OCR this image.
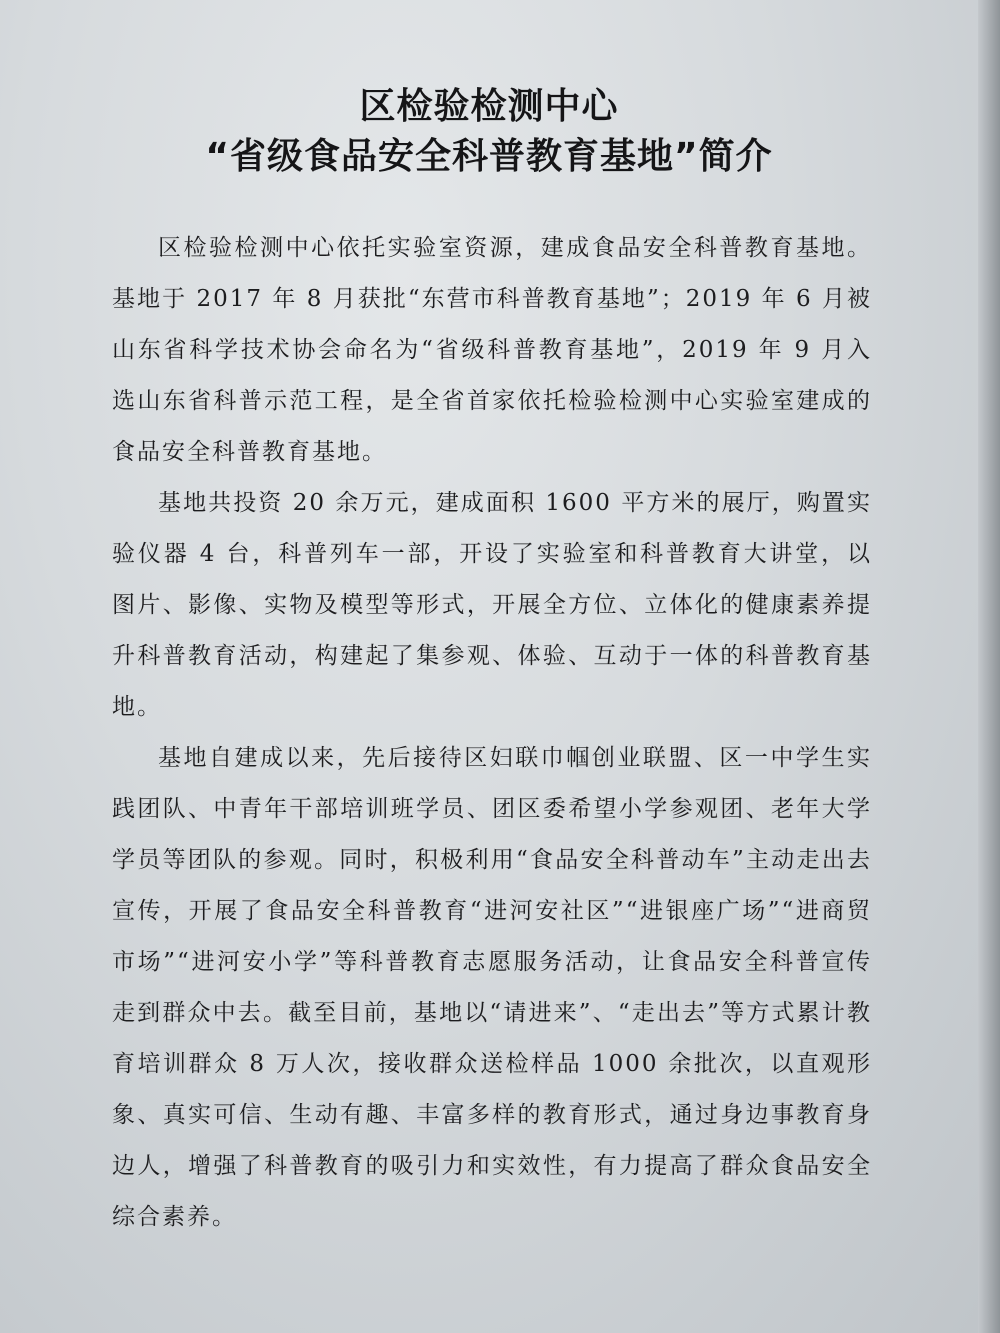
区检验检测中心
“省级食品安全科普教育基地”简介

区检验检测中心依托实验室资源，建成食品安全科普教育基地。基地于 2017 年 8 月获批“东营市科普教育基地”；2019 年 6 月被山东省科学技术协会命名为“省级科普教育基地”，2019 年 9 月入选山东省科普示范工程，是全省首家依托检验检测中心实验室建成的食品安全科普教育基地。

基地共投资 20 余万元，建成面积 1600 平方米的展厅，购置实验仪器 4 台，科普列车一部，开设了实验室和科普教育大讲堂，以图片、影像、实物及模型等形式，开展全方位、立体化的健康素养提升科普教育活动，构建起了集参观、体验、互动于一体的科普教育基地。

基地自建成以来，先后接待区妇联巾帼创业联盟、区一中学生实践团队、中青年干部培训班学员、团区委希望小学参观团、老年大学学员等团队的参观。同时，积极利用“食品安全科普动车”主动走出去宣传，开展了食品安全科普教育“进河安社区”“进银座广场”“进商贸市场”“进河安小学”等科普教育志愿服务活动，让食品安全科普宣传走到群众中去。截至目前，基地以“请进来”、“走出去”等方式累计教育培训群众 8 万人次，接收群众送检样品 1000 余批次，以直观形象、真实可信、生动有趣、丰富多样的教育形式，通过身边事教育身边人，增强了科普教育的吸引力和实效性，有力提高了群众食品安全综合素养。
